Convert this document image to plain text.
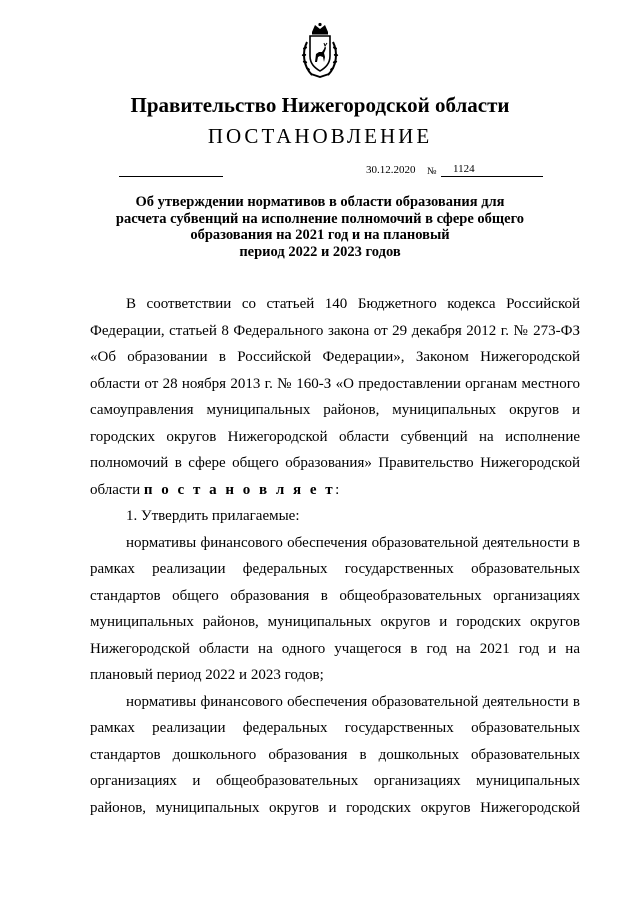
Правительство Нижегородской области
ПОСТАНОВЛЕНИЕ
30.12.2020 №	1124
Об утверждении нормативов в области образования для
расчета субвенций на исполнение полномочий в сфере общего
образования на 2021 год и на плановый
период 2022 и 2023 годов

В соответствии со статьей 140 Бюджетного кодекса Российской Федерации, статьей 8 Федерального закона от 29 декабря 2012 г. № 273-ФЗ «Об образовании в Российской Федерации», Законом Нижегородской области от 28 ноября 2013 г. № 160-З «О предоставлении органам местного самоуправления муниципальных районов, муниципальных округов и городских округов Нижегородской области субвенций на исполнение полномочий в сфере общего образования» Правительство Нижегородской области п о с т а н о в л я е т:

1. Утвердить прилагаемые:

нормативы финансового обеспечения образовательной деятельности в рамках реализации федеральных государственных образовательных стандартов общего образования в общеобразовательных организациях муниципальных районов, муниципальных округов и городских округов Нижегородской области на одного учащегося в год на 2021 год и на плановый период 2022 и 2023 годов;

нормативы финансового обеспечения образовательной деятельности в рамках реализации федеральных государственных образовательных стандартов дошкольного образования в дошкольных образовательных организациях и общеобразовательных организациях муниципальных районов, муниципальных округов и городских округов Нижегородской
